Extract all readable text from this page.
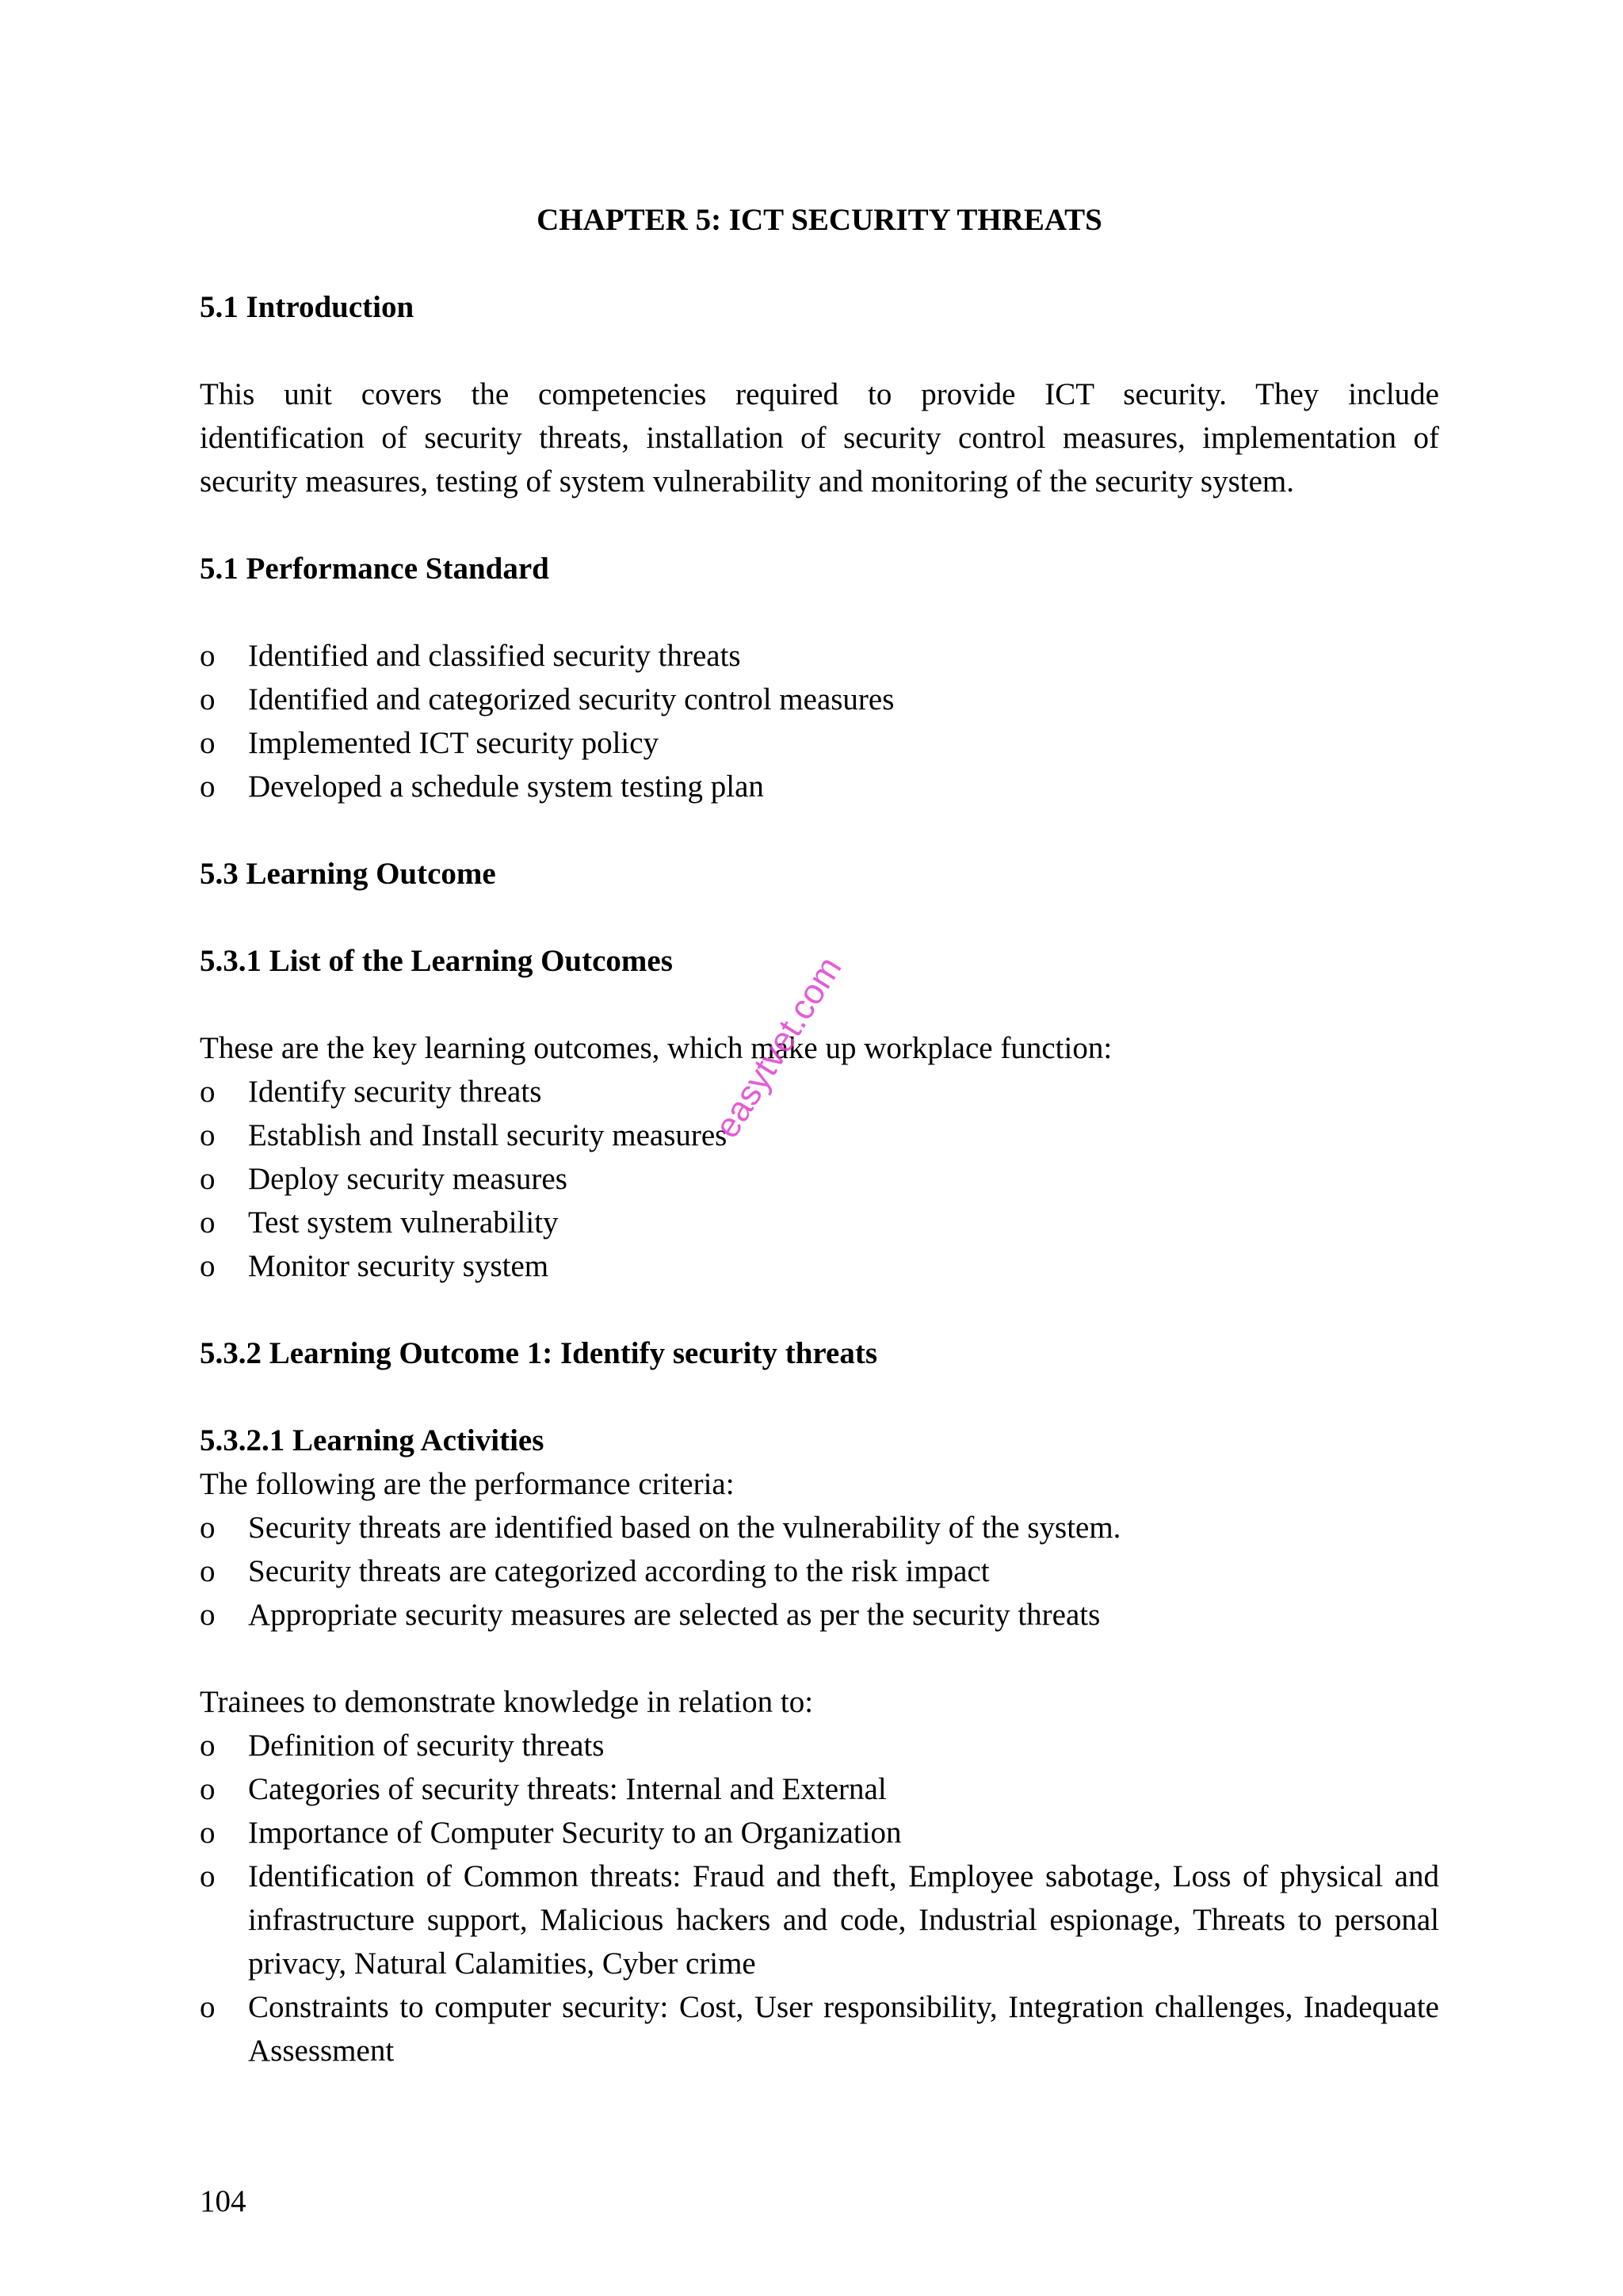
CHAPTER 5: ICT SECURITY THREATS
5.1 Introduction
This unit covers the competencies required to provide ICT security. They include
identification of security threats, installation of security control measures, implementation of
security measures, testing of system vulnerability and monitoring of the security system.
5.1 Performance Standard
o Identified and classified security threats
o Identified and categorized security control measures
o Implemented ICT security policy
o Developed a schedule system testing plan
5.3 Learning Outcome
5.3.1 List of the Learning Outcomes
These are the key learning outcomes, which make up workplace function:
o Identify security threats
o Establish and Install security measures
o Deploy security measures
o Test system vulnerability
o Monitor security system
5.3.2 Learning Outcome 1: Identify security threats
5.3.2.1 Learning Activities
The following are the performance criteria:
o Security threats are identified based on the vulnerability of the system.
o Security threats are categorized according to the risk impact
o Appropriate security measures are selected as per the security threats
Trainees to demonstrate knowledge in relation to:
o Definition of security threats
o Categories of security threats: Internal and External
o Importance of Computer Security to an Organization
o Identification of Common threats: Fraud and theft, Employee sabotage, Loss of physical and infrastructure support, Malicious hackers and code, Industrial espionage, Threats to personal privacy, Natural Calamities, Cyber crime
o Constraints to computer security: Cost, User responsibility, Integration challenges, Inadequate Assessment
easytvet.com
104
